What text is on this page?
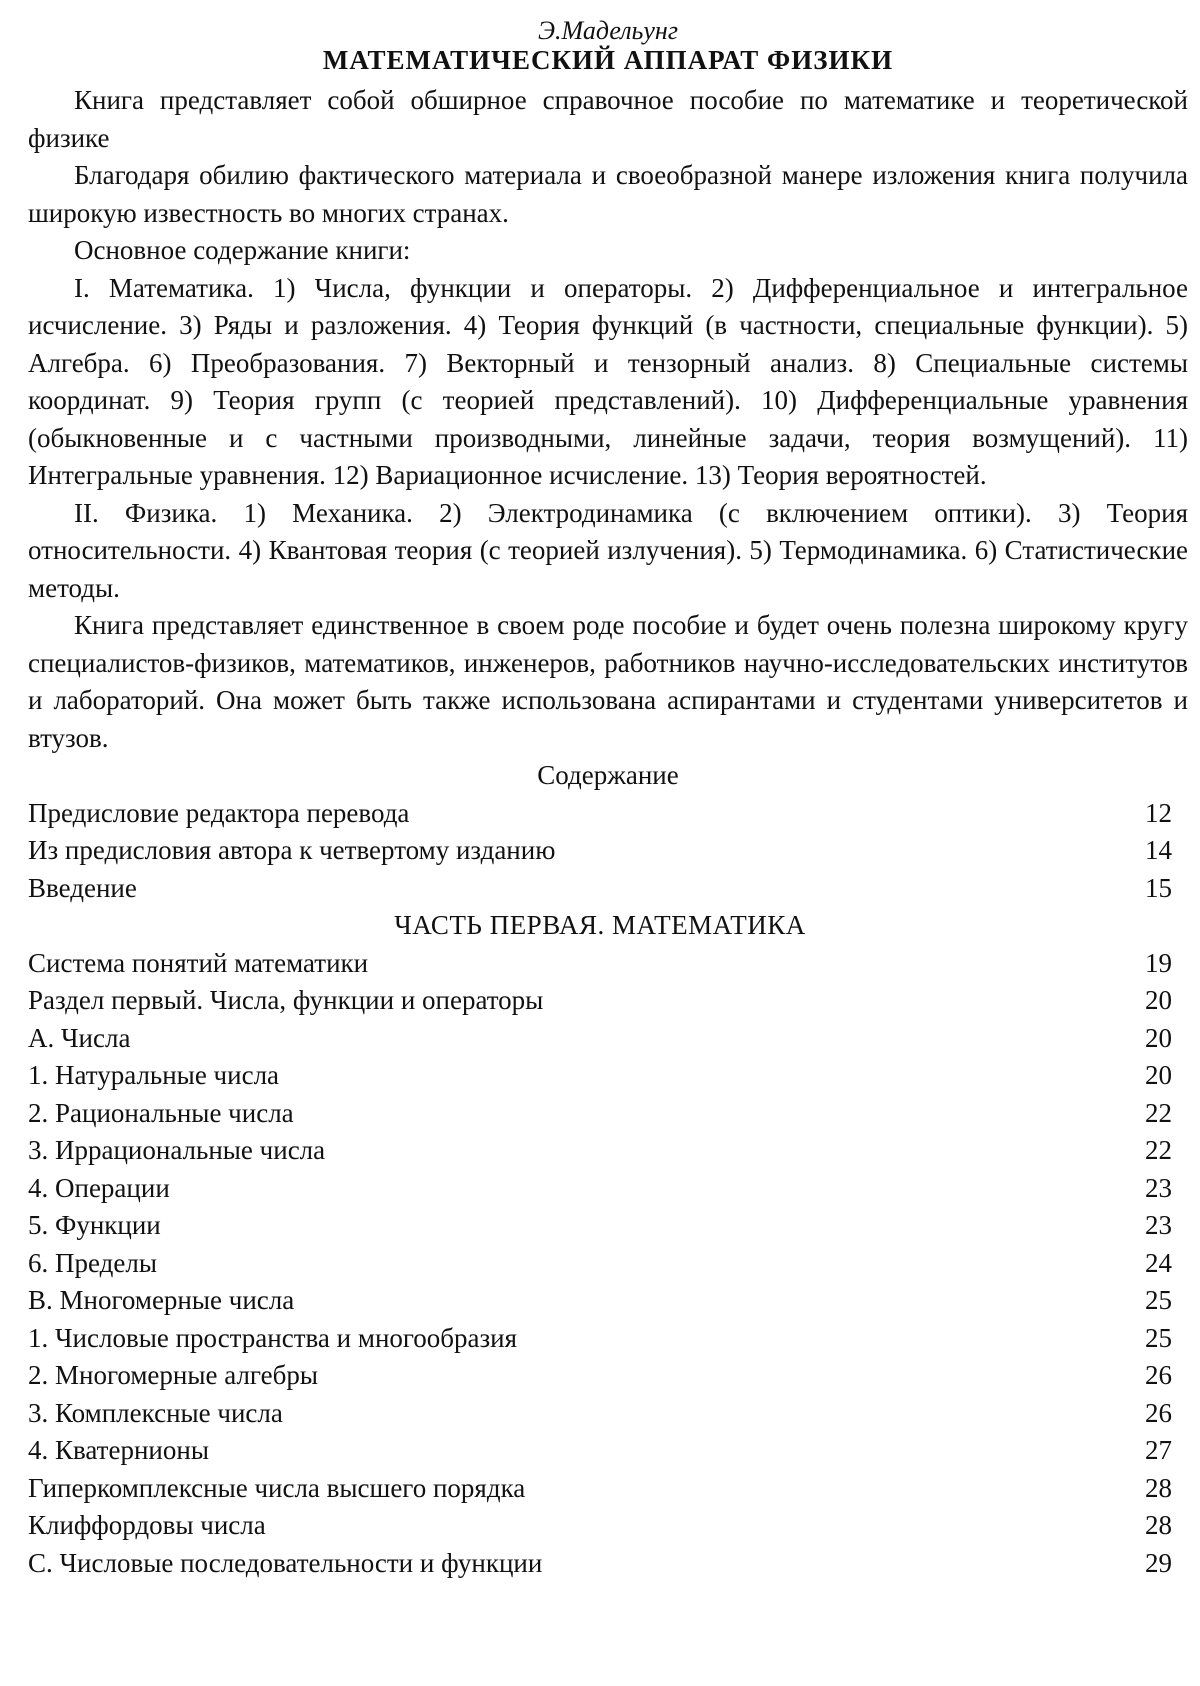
Э.Мадельунг

МАТЕМАТИЧЕСКИЙ АППАРАТ ФИЗИКИ

Книга представляет собой обширное справочное пособие по математике и теоретической физике

Благодаря обилию фактического материала и своеобразной манере изложения книга получила широкую известность во многих странах.

Основное содержание книги:

I. Математика. 1) Числа, функции и операторы. 2) Дифференциальное и интегральное исчисление. 3) Ряды и разложения. 4) Теория функций (в частности, специальные функции). 5) Алгебра. 6) Преобразования. 7) Векторный и тензорный анализ. 8) Специальные системы координат. 9) Теория групп (с теорией представлений). 10) Дифференциальные уравнения (обыкновенные и с частными производными, линейные задачи, теория возмущений). 11) Интегральные уравнения. 12) Вариационное исчисление. 13) Теория вероятностей.

II. Физика. 1) Механика. 2) Электродинамика (с включением оптики). 3) Теория относительности. 4) Квантовая теория (с теорией излучения). 5) Термодинамика. 6) Статистические методы.

Книга представляет единственное в своем роде пособие и будет очень полезна широкому кругу специалистов-физиков, математиков, инженеров, работников научно-исследовательских институтов и лабораторий. Она может быть также использована аспирантами и студентами университетов и втузов.

Содержание

Предисловие редактора перевода	12
Из предисловия автора к четвертому изданию	14
Введение	15
ЧАСТЬ ПЕРВАЯ. МАТЕМАТИКА
Система понятий математики	19
Раздел первый. Числа, функции и операторы	20
А. Числа	20
1. Натуральные числа	20
2. Рациональные числа	22
3. Иррациональные числа	22
4. Операции	23
5. Функции	23
6. Пределы	24
В. Многомерные числа	25
1. Числовые пространства и многообразия	25
2. Многомерные алгебры	26
3. Комплексные числа	26
4. Кватернионы	27
Гиперкомплексные числа высшего порядка	28
Клиффордовы числа	28
С. Числовые последовательности и функции	29
